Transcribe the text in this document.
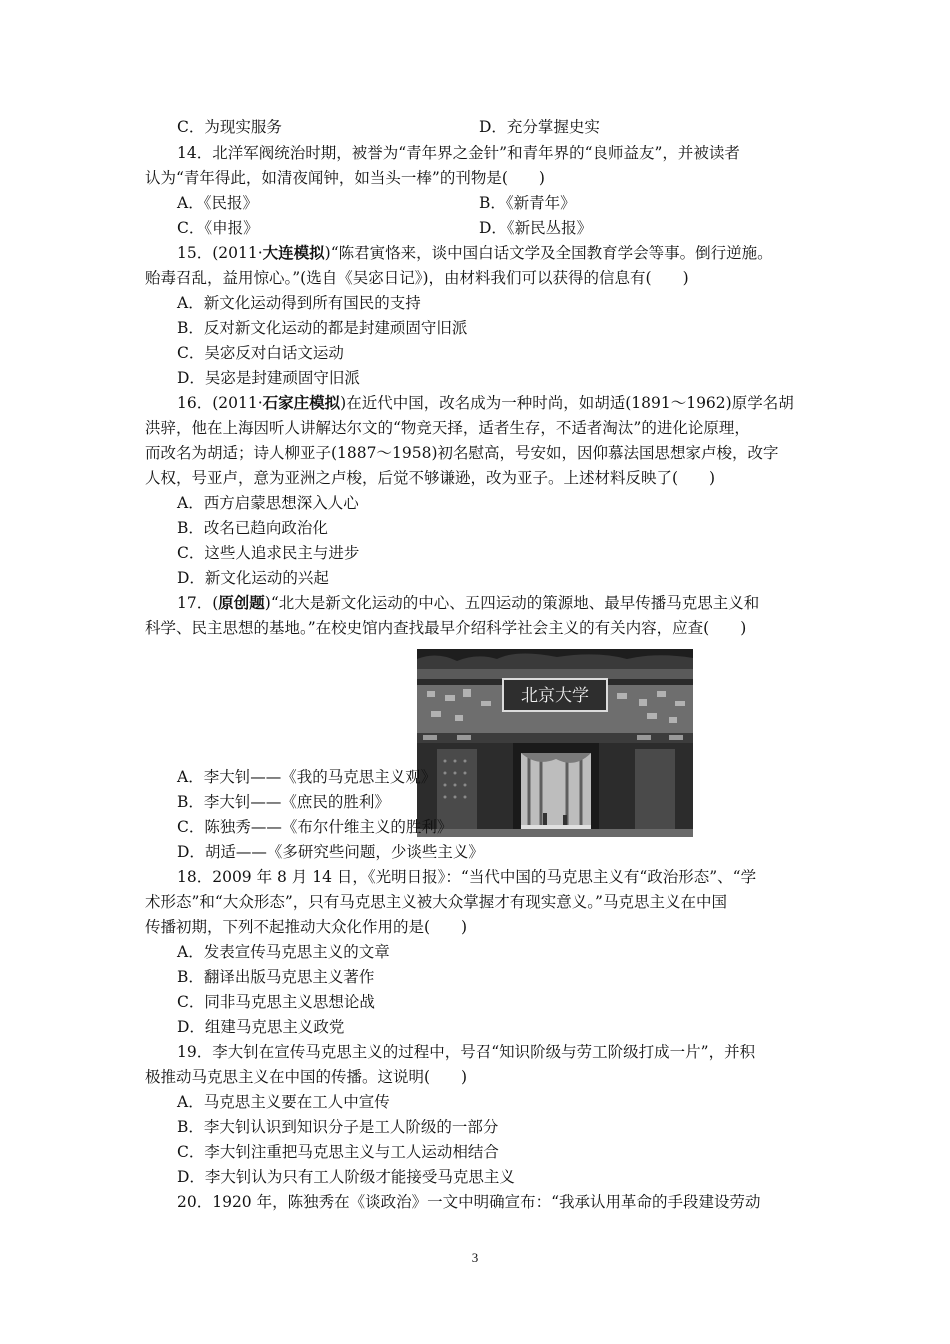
C．为现实服务	D．充分掌握史实
14．北洋军阀统治时期，被誉为“青年界之金针”和青年界的“良师益友”，并被读者
认为“青年得此，如清夜闻钟，如当头一棒”的刊物是(　　)
A．《民报》	B．《新青年》
C．《申报》	D．《新民丛报》
15．(2011·大连模拟)“陈君寅恪来，谈中国白话文学及全国教育学会等事。倒行逆施。
贻毒召乱，益用惊心。”(选自《吴宓日记》)，由材料我们可以获得的信息有(　　)
A．新文化运动得到所有国民的支持
B．反对新文化运动的都是封建顽固守旧派
C．吴宓反对白话文运动
D．吴宓是封建顽固守旧派
16．(2011·石家庄模拟)在近代中国，改名成为一种时尚，如胡适(1891～1962)原学名胡
洪骍，他在上海因听人讲解达尔文的“物竞天择，适者生存，不适者淘汰”的进化论原理，
而改名为胡适；诗人柳亚子(1887～1958)初名慰高，号安如，因仰慕法国思想家卢梭，改字
人权，号亚卢，意为亚洲之卢梭，后觉不够谦逊，改为亚子。上述材料反映了(　　)
A．西方启蒙思想深入人心
B．改名已趋向政治化
C．这些人追求民主与进步
D．新文化运动的兴起
17．(原创题)“北大是新文化运动的中心、五四运动的策源地、最早传播马克思主义和
科学、民主思想的基地。”在校史馆内查找最早介绍科学社会主义的有关内容，应查(　　)
北京大学
A．李大钊——《我的马克思主义观》
B．李大钊——《庶民的胜利》
C．陈独秀——《布尔什维主义的胜利》
D．胡适——《多研究些问题，少谈些主义》
18．2009 年 8 月 14 日，《光明日报》：“当代中国的马克思主义有“政治形态”、“学
术形态”和“大众形态”，只有马克思主义被大众掌握才有现实意义。”马克思主义在中国
传播初期，下列不起推动大众化作用的是(　　)
A．发表宣传马克思主义的文章
B．翻译出版马克思主义著作
C．同非马克思主义思想论战
D．组建马克思主义政党
19．李大钊在宣传马克思主义的过程中，号召“知识阶级与劳工阶级打成一片”，并积
极推动马克思主义在中国的传播。这说明(　　)
A．马克思主义要在工人中宣传
B．李大钊认识到知识分子是工人阶级的一部分
C．李大钊注重把马克思主义与工人运动相结合
D．李大钊认为只有工人阶级才能接受马克思主义
20．1920 年，陈独秀在《谈政治》一文中明确宣布：“我承认用革命的手段建设劳动
3
